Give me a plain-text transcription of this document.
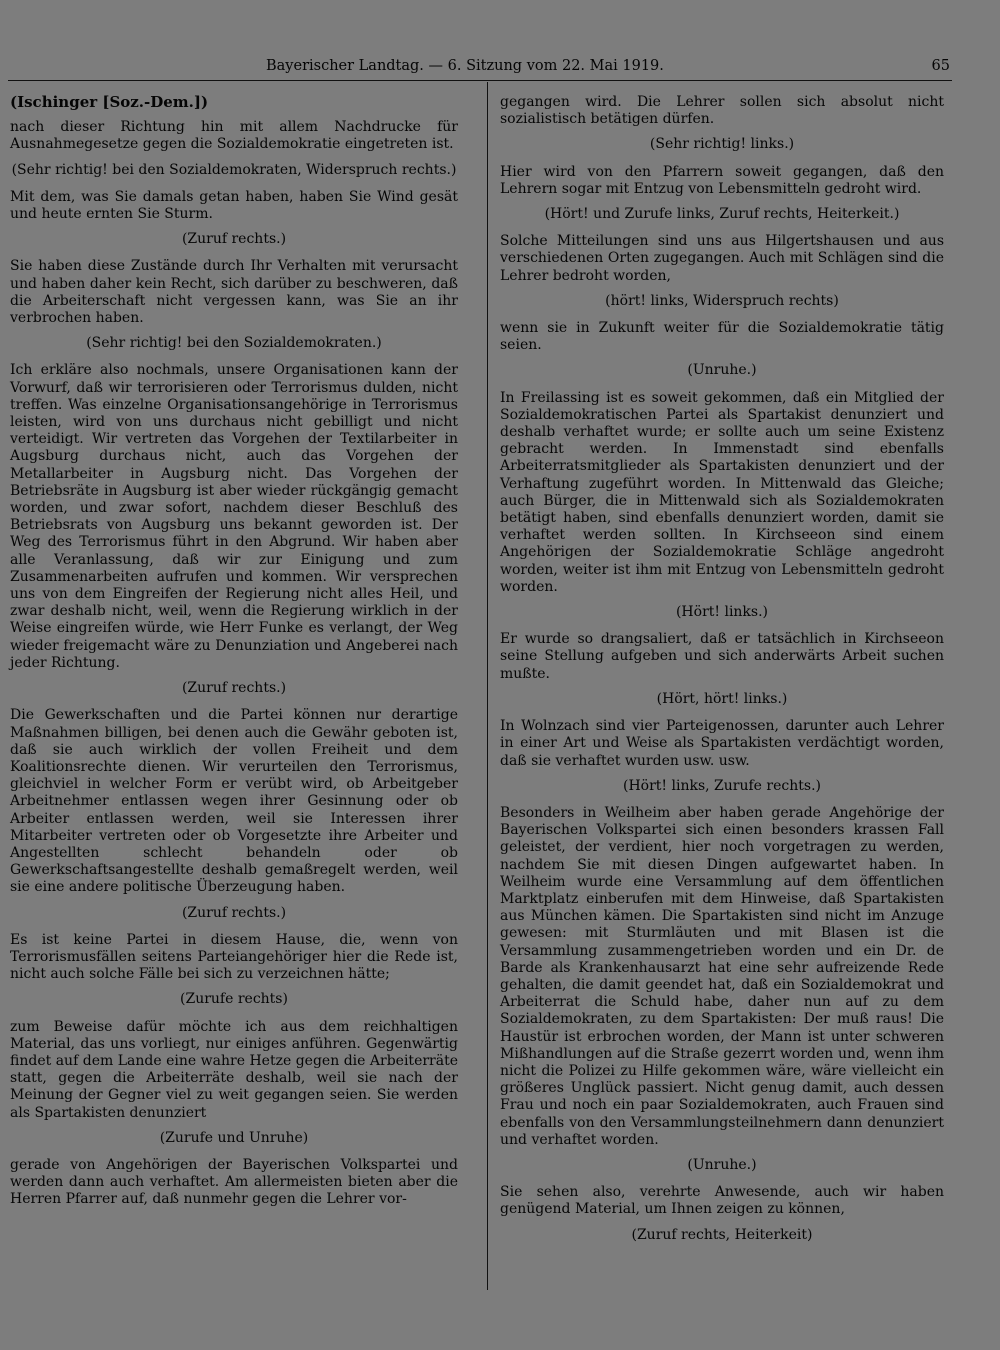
Bayerischer Landtag. — 6. Sitzung vom 22. Mai 1919.	65
(Ischinger [Soz.-Dem.])

nach dieser Richtung hin mit allem Nachdrucke für Ausnahmegesetze gegen die Sozialdemokratie eingetreten ist.

(Sehr richtig! bei den Sozialdemokraten, Widerspruch rechts.)

Mit dem, was Sie damals getan haben, haben Sie Wind gesät und heute ernten Sie Sturm.

(Zuruf rechts.)

Sie haben diese Zustände durch Ihr Verhalten mit verursacht und haben daher kein Recht, sich darüber zu beschweren, daß die Arbeiterschaft nicht vergessen kann, was Sie an ihr verbrochen haben.

(Sehr richtig! bei den Sozialdemokraten.)

Ich erkläre also nochmals, unsere Organisationen kann der Vorwurf, daß wir terrorisieren oder Terrorismus dulden, nicht treffen. Was einzelne Organisationsangehörige in Terrorismus leisten, wird von uns durchaus nicht gebilligt und nicht verteidigt. Wir vertreten das Vorgehen der Textilarbeiter in Augsburg durchaus nicht, auch das Vorgehen der Metallarbeiter in Augsburg nicht. Das Vorgehen der Betriebsräte in Augsburg ist aber wieder rückgängig gemacht worden, und zwar sofort, nachdem dieser Beschluß des Betriebsrats von Augsburg uns bekannt geworden ist. Der Weg des Terrorismus führt in den Abgrund. Wir haben aber alle Veranlassung, daß wir zur Einigung und zum Zusammenarbeiten aufrufen und kommen. Wir versprechen uns von dem Eingreifen der Regierung nicht alles Heil, und zwar deshalb nicht, weil, wenn die Regierung wirklich in der Weise eingreifen würde, wie Herr Funke es verlangt, der Weg wieder freigemacht wäre zu Denunziation und Angeberei nach jeder Richtung.

(Zuruf rechts.)

Die Gewerkschaften und die Partei können nur derartige Maßnahmen billigen, bei denen auch die Gewähr geboten ist, daß sie auch wirklich der vollen Freiheit und dem Koalitionsrechte dienen. Wir verurteilen den Terrorismus, gleichviel in welcher Form er verübt wird, ob Arbeitgeber Arbeitnehmer entlassen wegen ihrer Gesinnung oder ob Arbeiter entlassen werden, weil sie Interessen ihrer Mitarbeiter vertreten oder ob Vorgesetzte ihre Arbeiter und Angestellten schlecht behandeln oder ob Gewerkschaftsangestellte deshalb gemaßregelt werden, weil sie eine andere politische Überzeugung haben.

(Zuruf rechts.)

Es ist keine Partei in diesem Hause, die, wenn von Terrorismusfällen seitens Parteiangehöriger hier die Rede ist, nicht auch solche Fälle bei sich zu verzeichnen hätte;

(Zurufe rechts)

zum Beweise dafür möchte ich aus dem reichhaltigen Material, das uns vorliegt, nur einiges anführen. Gegenwärtig findet auf dem Lande eine wahre Hetze gegen die Arbeiterräte statt, gegen die Arbeiterräte deshalb, weil sie nach der Meinung der Gegner viel zu weit gegangen seien. Sie werden als Spartakisten denunziert

(Zurufe und Unruhe)

gerade von Angehörigen der Bayerischen Volkspartei und werden dann auch verhaftet. Am allermeisten bieten aber die Herren Pfarrer auf, daß nunmehr gegen die Lehrer vor-

gegangen wird. Die Lehrer sollen sich absolut nicht sozialistisch betätigen dürfen.

(Sehr richtig! links.)

Hier wird von den Pfarrern soweit gegangen, daß den Lehrern sogar mit Entzug von Lebensmitteln gedroht wird.

(Hört! und Zurufe links, Zuruf rechts, Heiterkeit.)

Solche Mitteilungen sind uns aus Hilgertshausen und aus verschiedenen Orten zugegangen. Auch mit Schlägen sind die Lehrer bedroht worden,

(hört! links, Widerspruch rechts)

wenn sie in Zukunft weiter für die Sozialdemokratie tätig seien.

(Unruhe.)

In Freilassing ist es soweit gekommen, daß ein Mitglied der Sozialdemokratischen Partei als Spartakist denunziert und deshalb verhaftet wurde; er sollte auch um seine Existenz gebracht werden. In Immenstadt sind ebenfalls Arbeiterratsmitglieder als Spartakisten denunziert und der Verhaftung zugeführt worden. In Mittenwald das Gleiche; auch Bürger, die in Mittenwald sich als Sozialdemokraten betätigt haben, sind ebenfalls denunziert worden, damit sie verhaftet werden sollten. In Kirchseeon sind einem Angehörigen der Sozialdemokratie Schläge angedroht worden, weiter ist ihm mit Entzug von Lebensmitteln gedroht worden.

(Hört! links.)

Er wurde so drangsaliert, daß er tatsächlich in Kirchseeon seine Stellung aufgeben und sich anderwärts Arbeit suchen mußte.

(Hört, hört! links.)

In Wolnzach sind vier Parteigenossen, darunter auch Lehrer in einer Art und Weise als Spartakisten verdächtigt worden, daß sie verhaftet wurden usw. usw.

(Hört! links, Zurufe rechts.)

Besonders in Weilheim aber haben gerade Angehörige der Bayerischen Volkspartei sich einen besonders krassen Fall geleistet, der verdient, hier noch vorgetragen zu werden, nachdem Sie mit diesen Dingen aufgewartet haben. In Weilheim wurde eine Versammlung auf dem öffentlichen Marktplatz einberufen mit dem Hinweise, daß Spartakisten aus München kämen. Die Spartakisten sind nicht im Anzuge gewesen: mit Sturmläuten und mit Blasen ist die Versammlung zusammengetrieben worden und ein Dr. de Barde als Krankenhausarzt hat eine sehr aufreizende Rede gehalten, die damit geendet hat, daß ein Sozialdemokrat und Arbeiterrat die Schuld habe, daher nun auf zu dem Sozialdemokraten, zu dem Spartakisten: Der muß raus! Die Haustür ist erbrochen worden, der Mann ist unter schweren Mißhandlungen auf die Straße gezerrt worden und, wenn ihm nicht die Polizei zu Hilfe gekommen wäre, wäre vielleicht ein größeres Unglück passiert. Nicht genug damit, auch dessen Frau und noch ein paar Sozialdemokraten, auch Frauen sind ebenfalls von den Versammlungsteilnehmern dann denunziert und verhaftet worden.

(Unruhe.)

Sie sehen also, verehrte Anwesende, auch wir haben genügend Material, um Ihnen zeigen zu können,

(Zuruf rechts, Heiterkeit)
